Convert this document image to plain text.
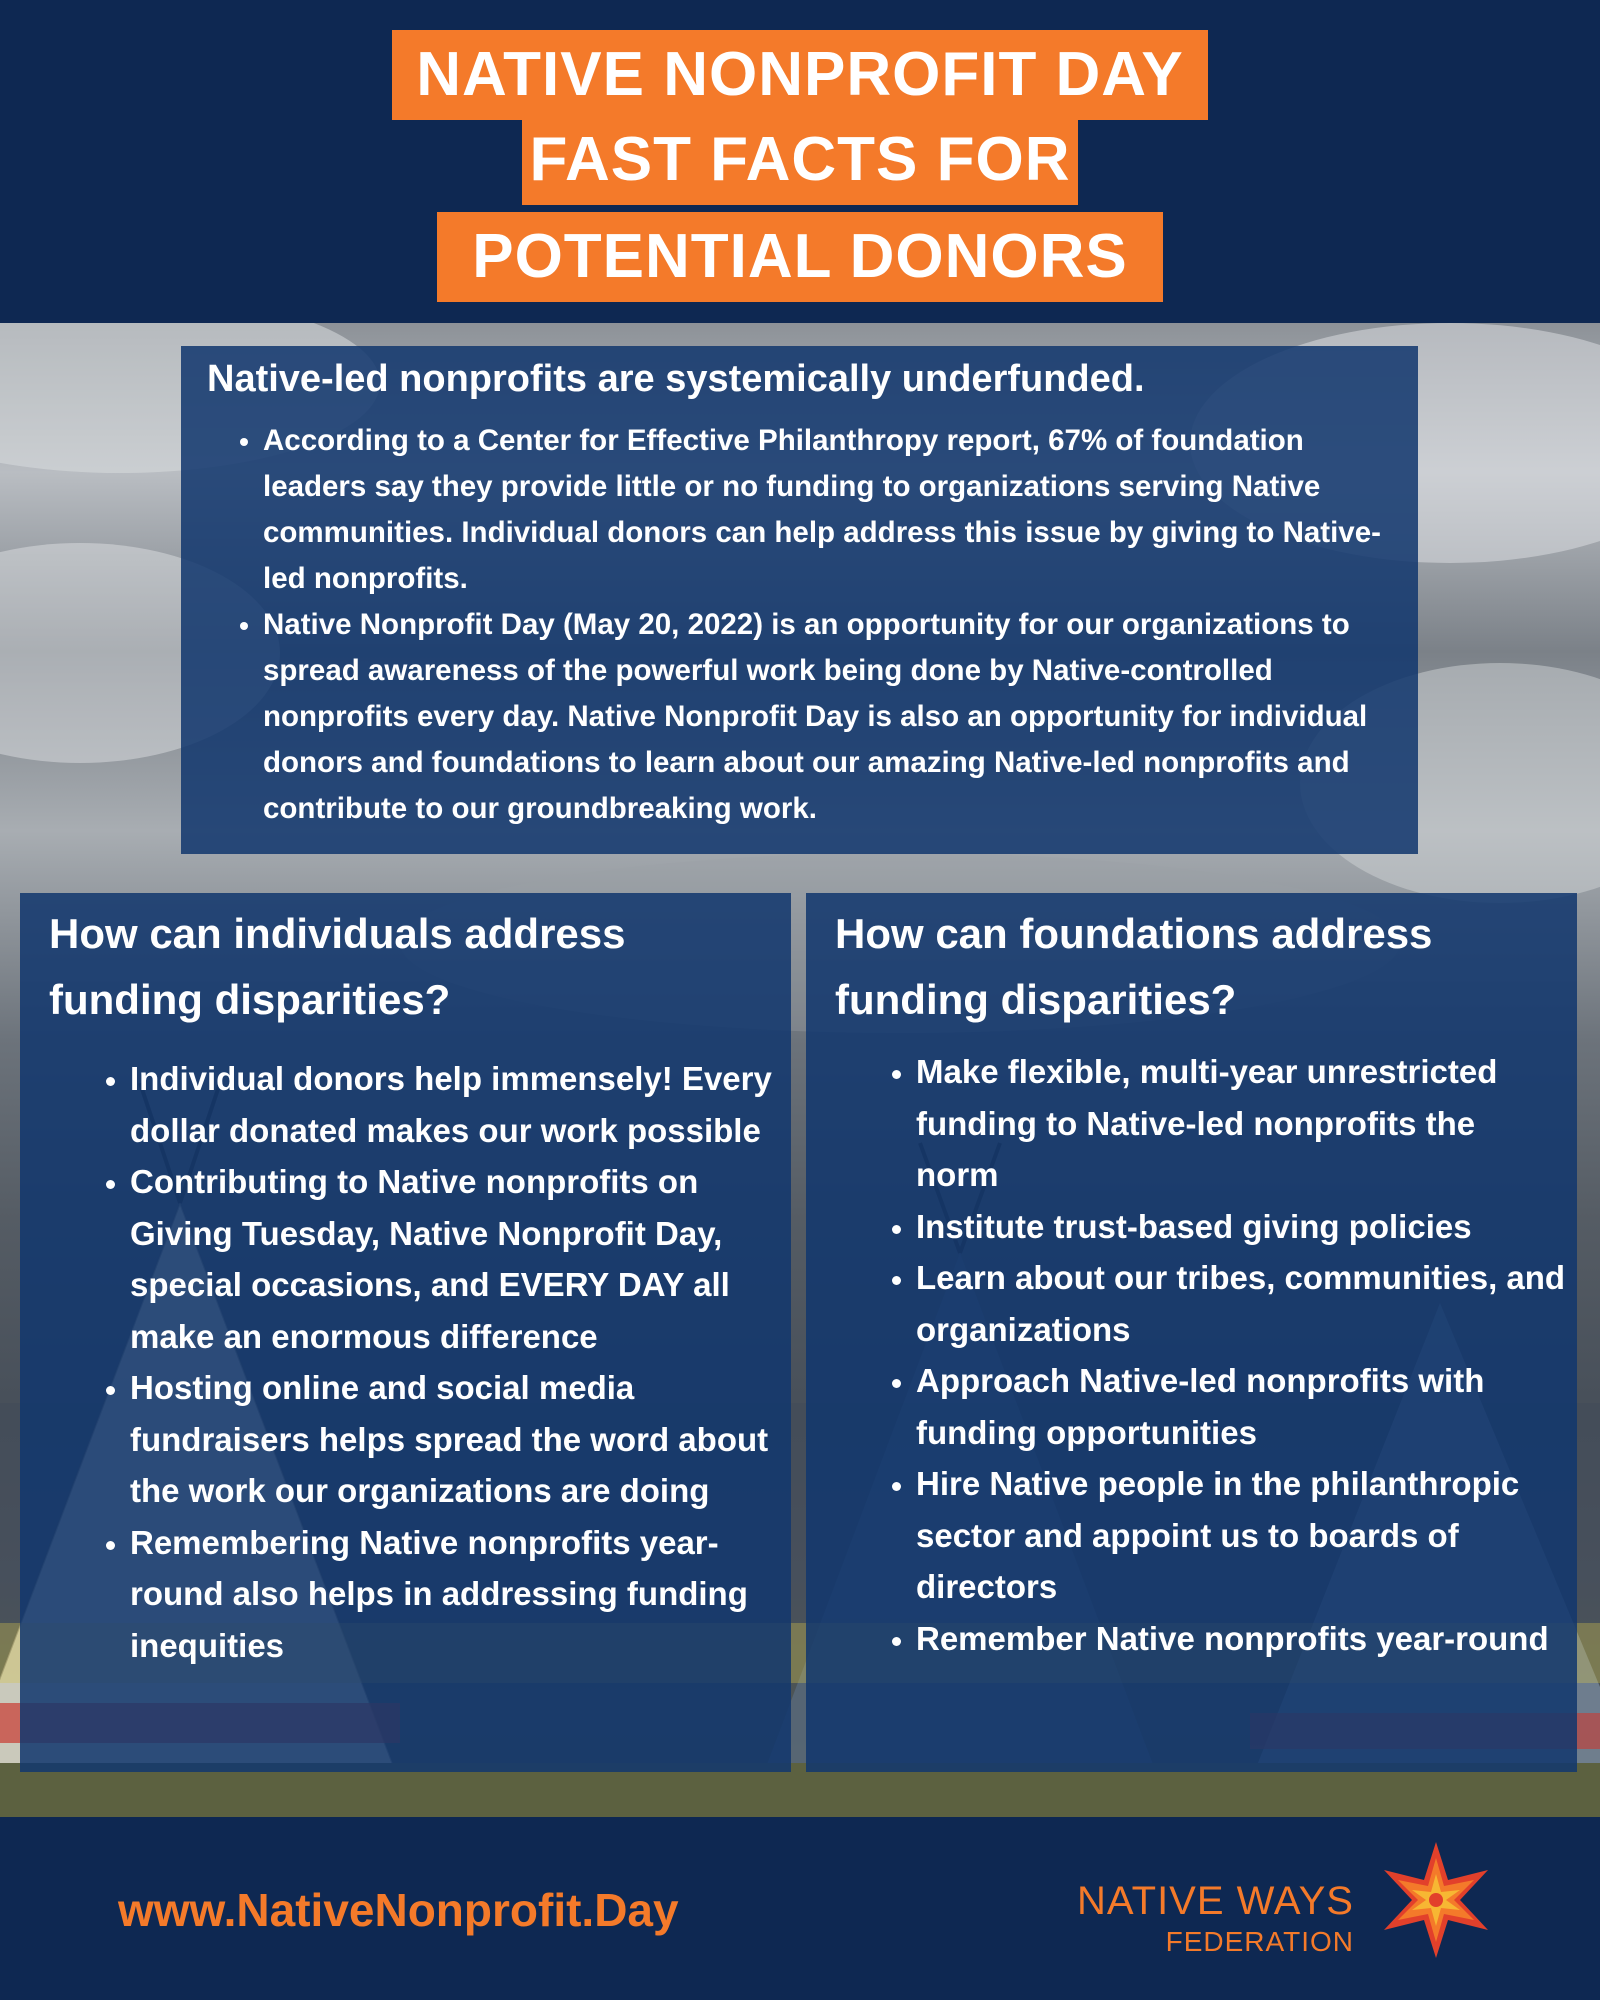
NATIVE NONPROFIT DAY
FAST FACTS FOR
POTENTIAL DONORS
Native-led nonprofits are systemically underfunded.
• According to a Center for Effective Philanthropy report, 67% of foundation leaders say they provide little or no funding to organizations serving Native communities. Individual donors can help address this issue by giving to Native-led nonprofits.
• Native Nonprofit Day (May 20, 2022) is an opportunity for our organizations to spread awareness of the powerful work being done by Native-controlled nonprofits every day. Native Nonprofit Day is also an opportunity for individual donors and foundations to learn about our amazing Native-led nonprofits and contribute to our groundbreaking work.
How can individuals address funding disparities?
• Individual donors help immensely! Every dollar donated makes our work possible
• Contributing to Native nonprofits on Giving Tuesday, Native Nonprofit Day, special occasions, and EVERY DAY all make an enormous difference
• Hosting online and social media fundraisers helps spread the word about the work our organizations are doing
• Remembering Native nonprofits year-round also helps in addressing funding inequities
How can foundations address funding disparities?
• Make flexible, multi-year unrestricted funding to Native-led nonprofits the norm
• Institute trust-based giving policies
• Learn about our tribes, communities, and organizations
• Approach Native-led nonprofits with funding opportunities
• Hire Native people in the philanthropic sector and appoint us to boards of directors
• Remember Native nonprofits year-round
www.NativeNonprofit.Day	NATIVE WAYS
FEDERATION
